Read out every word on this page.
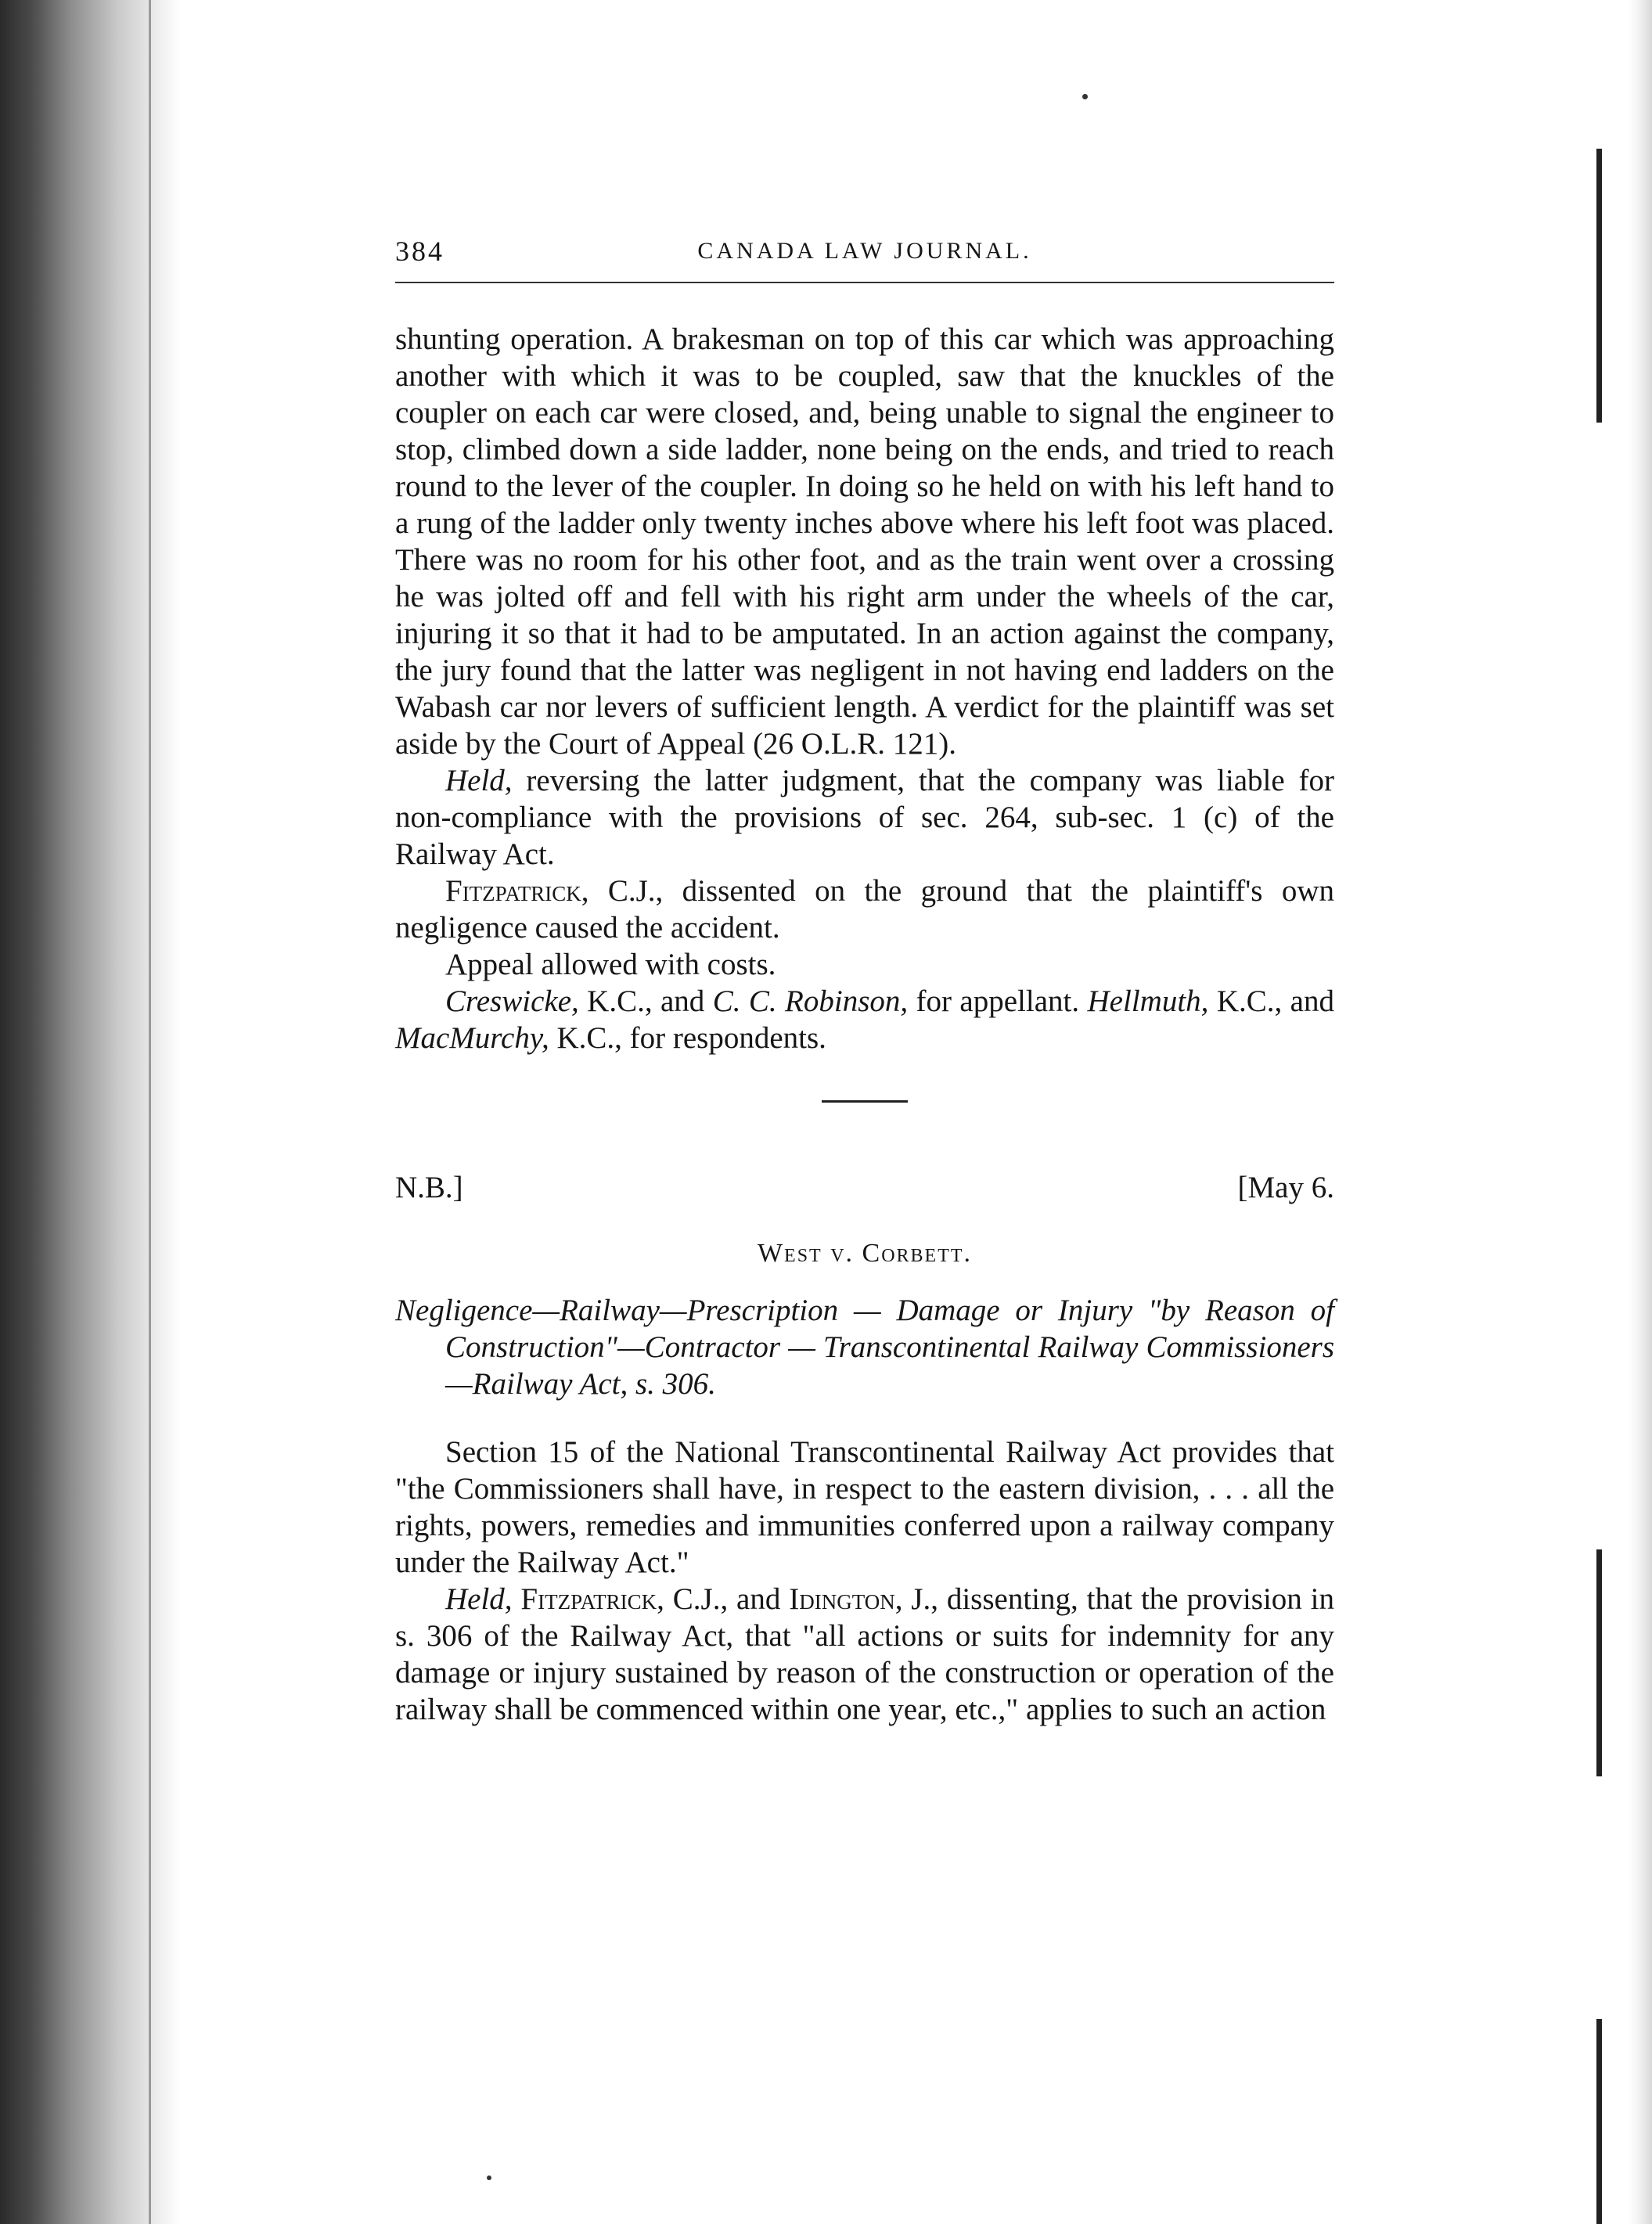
384	CANADA LAW JOURNAL.

shunting operation. A brakesman on top of this car which was approaching another with which it was to be coupled, saw that the knuckles of the coupler on each car were closed, and, being unable to signal the engineer to stop, climbed down a side ladder, none being on the ends, and tried to reach round to the lever of the coupler. In doing so he held on with his left hand to a rung of the ladder only twenty inches above where his left foot was placed. There was no room for his other foot, and as the train went over a crossing he was jolted off and fell with his right arm under the wheels of the car, injuring it so that it had to be amputated. In an action against the company, the jury found that the latter was negligent in not having end ladders on the Wabash car nor levers of sufficient length. A verdict for the plaintiff was set aside by the Court of Appeal (26 O.L.R. 121).

Held, reversing the latter judgment, that the company was liable for non-compliance with the provisions of sec. 264, sub-sec. 1 (c) of the Railway Act.

Fitzpatrick, C.J., dissented on the ground that the plaintiff's own negligence caused the accident.

Appeal allowed with costs.

Creswicke, K.C., and C. C. Robinson, for appellant. Hellmuth, K.C., and MacMurchy, K.C., for respondents.

N.B.]	[May 6.
West v. Corbett.
Negligence—Railway—Prescription — Damage or Injury "by Reason of Construction"—Contractor — Transcontinental Railway Commissioners—Railway Act, s. 306.

Section 15 of the National Transcontinental Railway Act provides that "the Commissioners shall have, in respect to the eastern division, . . . all the rights, powers, remedies and immunities conferred upon a railway company under the Railway Act."

Held, Fitzpatrick, C.J., and Idington, J., dissenting, that the provision in s. 306 of the Railway Act, that "all actions or suits for indemnity for any damage or injury sustained by reason of the construction or operation of the railway shall be commenced within one year, etc.," applies to such an action
